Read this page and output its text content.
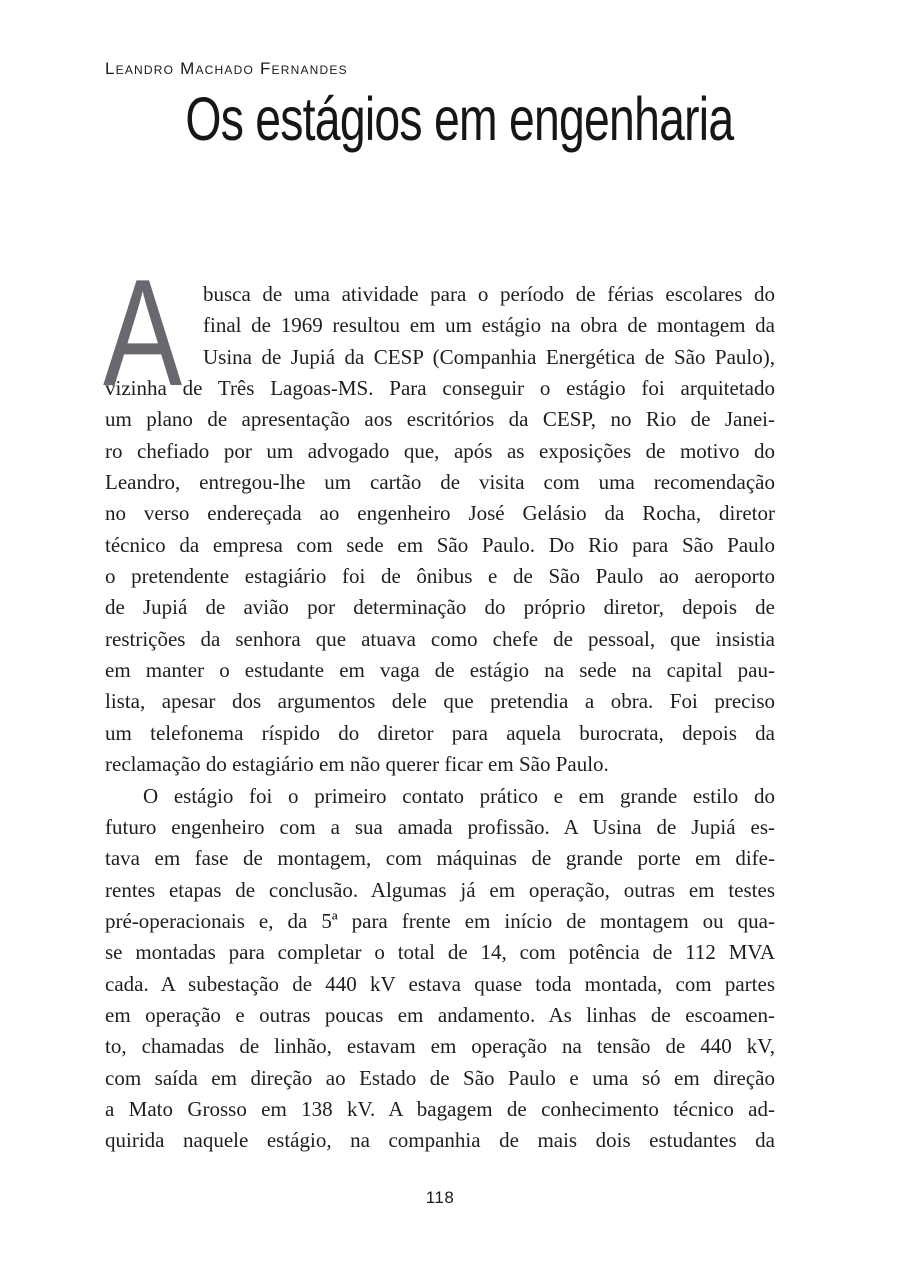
Leandro Machado Fernandes
Os estágios em engenharia
A busca de uma atividade para o período de férias escolares do
final de 1969 resultou em um estágio na obra de montagem da
Usina de Jupiá da CESP (Companhia Energética de São Paulo),
vizinha de Três Lagoas-MS. Para conseguir o estágio foi arquitetado
um plano de apresentação aos escritórios da CESP, no Rio de Janei-
ro chefiado por um advogado que, após as exposições de motivo do
Leandro, entregou-lhe um cartão de visita com uma recomendação
no verso endereçada ao engenheiro José Gelásio da Rocha, diretor
técnico da empresa com sede em São Paulo. Do Rio para São Paulo
o pretendente estagiário foi de ônibus e de São Paulo ao aeroporto
de Jupiá de avião por determinação do próprio diretor, depois de
restrições da senhora que atuava como chefe de pessoal, que insistia
em manter o estudante em vaga de estágio na sede na capital pau-
lista, apesar dos argumentos dele que pretendia a obra. Foi preciso
um telefonema ríspido do diretor para aquela burocrata, depois da
reclamação do estagiário em não querer ficar em São Paulo.
O estágio foi o primeiro contato prático e em grande estilo do
futuro engenheiro com a sua amada profissão. A Usina de Jupiá es-
tava em fase de montagem, com máquinas de grande porte em dife-
rentes etapas de conclusão. Algumas já em operação, outras em testes
pré-operacionais e, da 5ª para frente em início de montagem ou qua-
se montadas para completar o total de 14, com potência de 112 MVA
cada. A subestação de 440 kV estava quase toda montada, com partes
em operação e outras poucas em andamento. As linhas de escoamen-
to, chamadas de linhão, estavam em operação na tensão de 440 kV,
com saída em direção ao Estado de São Paulo e uma só em direção
a Mato Grosso em 138 kV. A bagagem de conhecimento técnico ad-
quirida naquele estágio, na companhia de mais dois estudantes da
118
